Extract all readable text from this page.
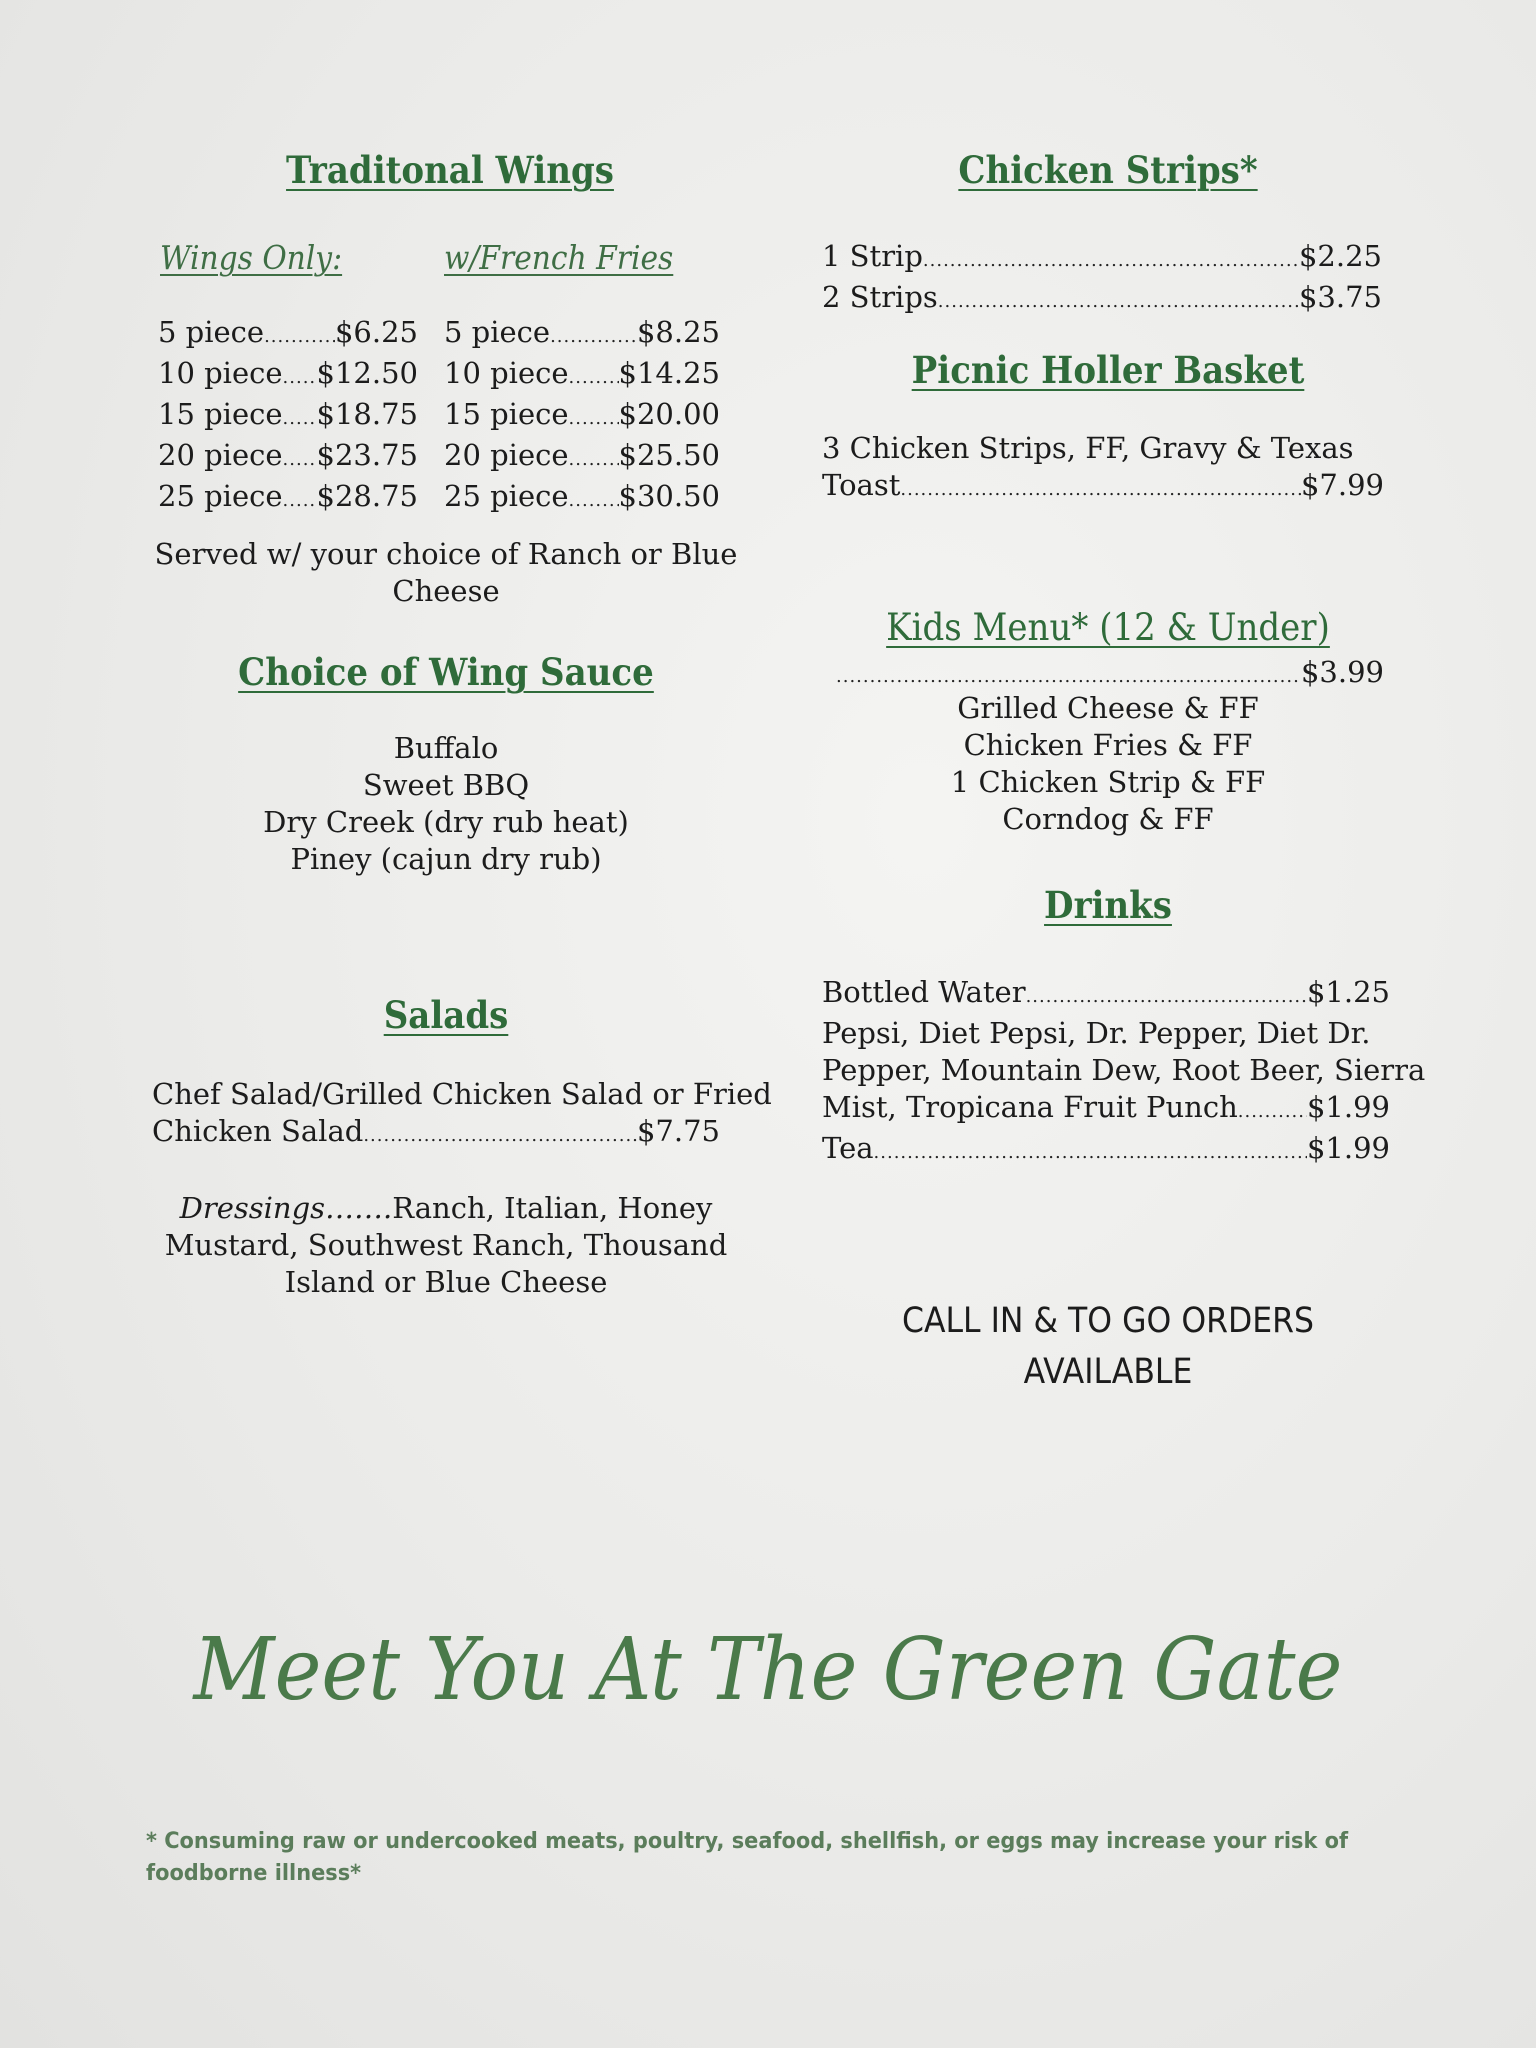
Traditonal Wings
Wings Only:	w/French Fries
5 piece ..... $6.25
10 piece ..... $12.50
15 piece ..... $18.75
20 piece ..... $23.75
25 piece ..... $28.75
5 piece .....	$8.25
10 piece ..... $14.25
15 piece ..... $20.00
20 piece ..... $25.50
25 piece ..... $30.50
Served w/ your choice of Ranch or Blue
Cheese
Choice of Wing Sauce
Buffalo
Sweet BBQ
Dry Creek (dry rub heat)
Piney (cajun dry rub)
Salads
Chef Salad/Grilled Chicken Salad or Fried
Chicken Salad .....	$7.75
Dressings…….Ranch, Italian, Honey
Mustard, Southwest Ranch, Thousand
Island or Blue Cheese
Chicken Strips*
1 Strip .....	$2.25
2 Strips .....	$3.75
Picnic Holler Basket
3 Chicken Strips, FF, Gravy & Texas
Toast .....	$7.99
Kids Menu* (12 & Under)
.....
$3.99
Grilled Cheese & FF
Chicken Fries & FF
1 Chicken Strip & FF
Corndog & FF
Drinks
Bottled Water .....	$1.25
Pepsi, Diet Pepsi, Dr. Pepper, Diet Dr.
Pepper, Mountain Dew, Root Beer, Sierra
Mist, Tropicana Fruit Punch ..... $1.99
Tea .....	$1.99
CALL IN & TO GO ORDERS
AVAILABLE
Meet You At The Green Gate
* Consuming raw or undercooked meats, poultry, seafood, shellfish, or eggs may increase your risk of
foodborne illness*
